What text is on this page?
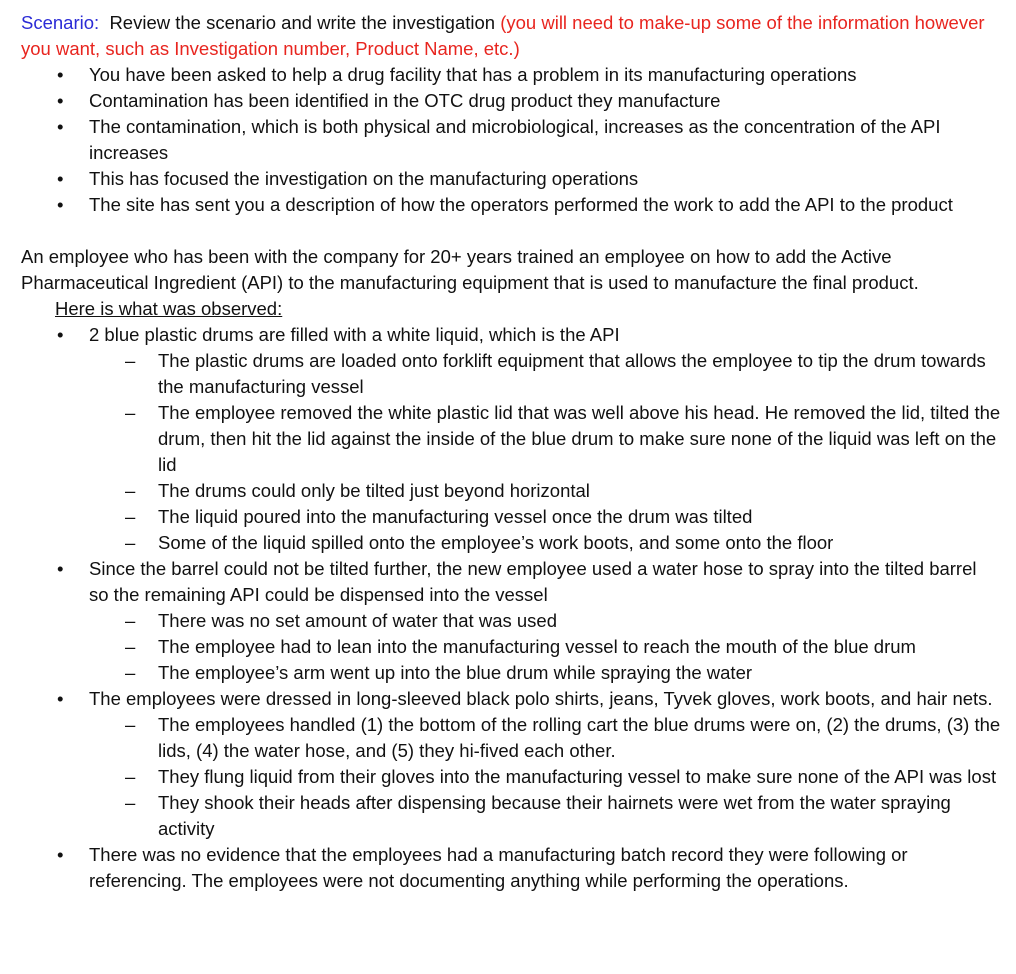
Scenario: Review the scenario and write the investigation (you will need to make-up some of the information however you want, such as Investigation number, Product Name, etc.)

• You have been asked to help a drug facility that has a problem in its manufacturing operations
• Contamination has been identified in the OTC drug product they manufacture
• The contamination, which is both physical and microbiological, increases as the concentration of the API increases
• This has focused the investigation on the manufacturing operations
• The site has sent you a description of how the operators performed the work to add the API to the product

An employee who has been with the company for 20+ years trained an employee on how to add the Active Pharmaceutical Ingredient (API) to the manufacturing equipment that is used to manufacture the final product.

Here is what was observed:

• 2 blue plastic drums are filled with a white liquid, which is the API
– The plastic drums are loaded onto forklift equipment that allows the employee to tip the drum towards the manufacturing vessel
– The employee removed the white plastic lid that was well above his head. He removed the lid, tilted the drum, then hit the lid against the inside of the blue drum to make sure none of the liquid was left on the lid
– The drums could only be tilted just beyond horizontal
– The liquid poured into the manufacturing vessel once the drum was tilted
– Some of the liquid spilled onto the employee’s work boots, and some onto the floor
• Since the barrel could not be tilted further, the new employee used a water hose to spray into the tilted barrel so the remaining API could be dispensed into the vessel
– There was no set amount of water that was used
– The employee had to lean into the manufacturing vessel to reach the mouth of the blue drum
– The employee’s arm went up into the blue drum while spraying the water
• The employees were dressed in long-sleeved black polo shirts, jeans, Tyvek gloves, work boots, and hair nets.
– The employees handled (1) the bottom of the rolling cart the blue drums were on, (2) the drums, (3) the lids, (4) the water hose, and (5) they hi-fived each other.
– They flung liquid from their gloves into the manufacturing vessel to make sure none of the API was lost
– They shook their heads after dispensing because their hairnets were wet from the water spraying activity
• There was no evidence that the employees had a manufacturing batch record they were following or referencing. The employees were not documenting anything while performing the operations.
